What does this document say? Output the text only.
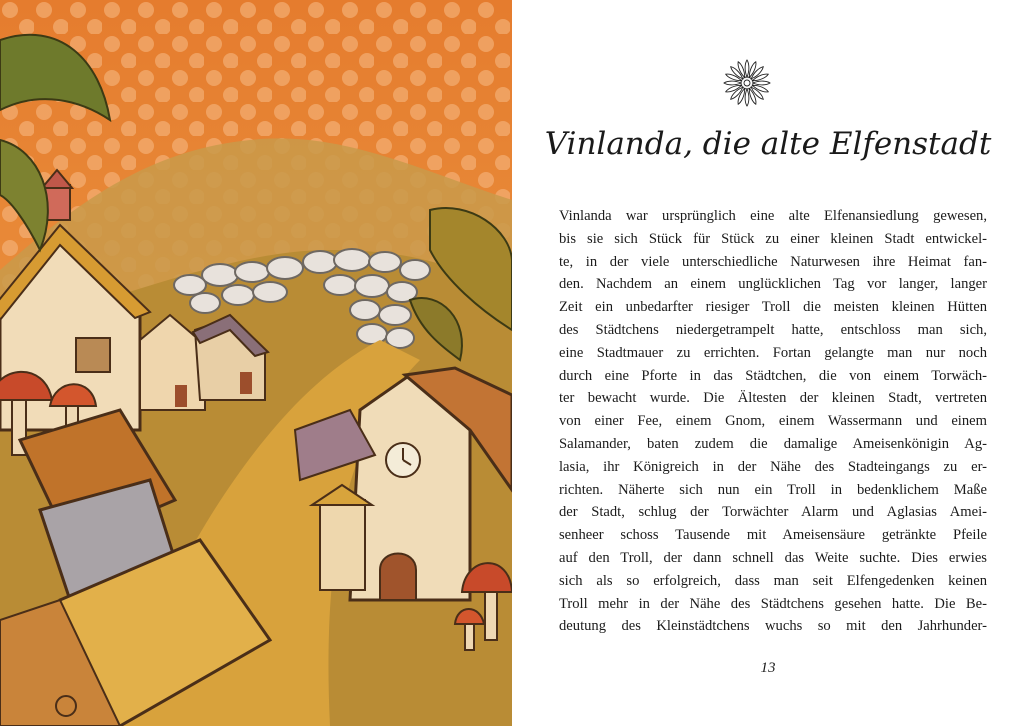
Vinlanda, die alte Elfenstadt
Vinlanda war ursprünglich eine alte Elfenansiedlung gewesen,
bis sie sich Stück für Stück zu einer kleinen Stadt entwickel-
te, in der viele unterschiedliche Naturwesen ihre Heimat fan-
den. Nachdem an einem unglücklichen Tag vor langer, langer
Zeit ein unbedarfter riesiger Troll die meisten kleinen Hütten
des Städtchens niedergetrampelt hatte, entschloss man sich,
eine Stadtmauer zu errichten. Fortan gelangte man nur noch
durch eine Pforte in das Städtchen, die von einem Torwäch-
ter bewacht wurde. Die Ältesten der kleinen Stadt, vertreten
von einer Fee, einem Gnom, einem Wassermann und einem
Salamander, baten zudem die damalige Ameisenkönigin Ag-
lasia, ihr Königreich in der Nähe des Stadteingangs zu er-
richten. Näherte sich nun ein Troll in bedenklichem Maße
der Stadt, schlug der Torwächter Alarm und Aglasias Amei-
senheer schoss Tausende mit Ameisensäure getränkte Pfeile
auf den Troll, der dann schnell das Weite suchte. Dies erwies
sich als so erfolgreich, dass man seit Elfengedenken keinen
Troll mehr in der Nähe des Städtchens gesehen hatte. Die Be-
deutung des Kleinstädtchens wuchs so mit den Jahrhunder-
13
